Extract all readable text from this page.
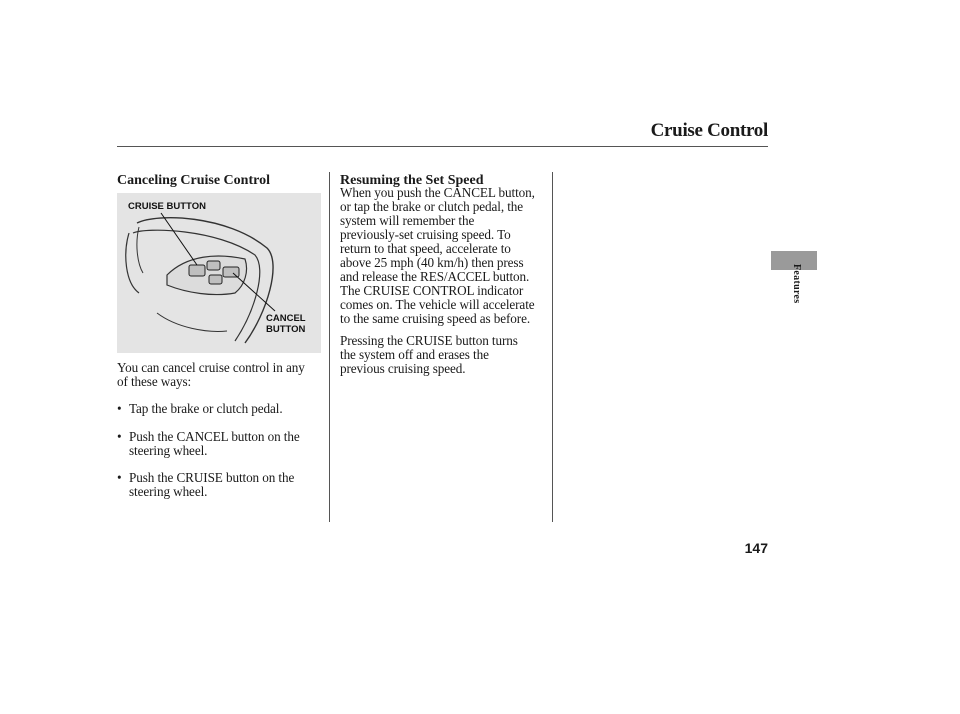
Cruise Control
Canceling Cruise Control
CRUISE BUTTON
CANCEL
BUTTON
You can cancel cruise control in any
of these ways:
• Tap the brake or clutch pedal.
• Push the CANCEL button on the
steering wheel.
• Push the CRUISE button on the
steering wheel.
Resuming the Set Speed
When you push the CANCEL button,
or tap the brake or clutch pedal, the
system will remember the
previously-set cruising speed. To
return to that speed, accelerate to
above 25 mph (40 km/h) then press
and release the RES/ACCEL button.
The CRUISE CONTROL indicator
comes on. The vehicle will accelerate
to the same cruising speed as before.
Pressing the CRUISE button turns
the system off and erases the
previous cruising speed.
Features
147
